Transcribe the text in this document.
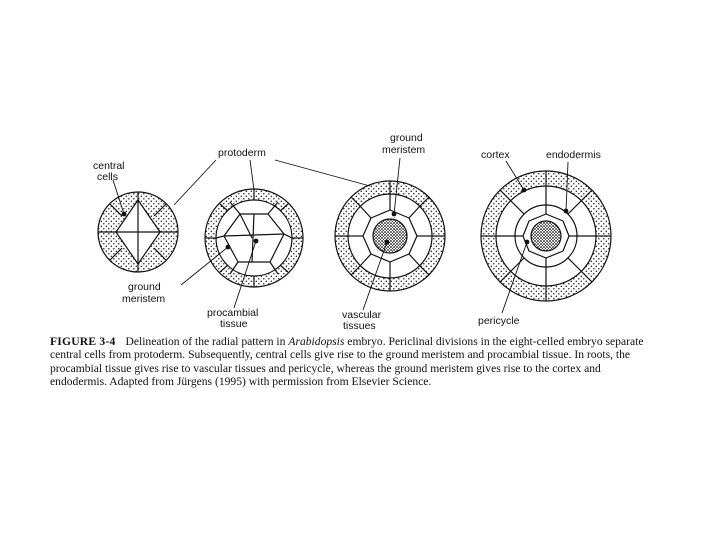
central cells
protoderm
ground meristem	cortex	endodermis
ground meristem
procambial tissue
vascular tissues	pericycle
FIGURE 3-4 Delineation of the radial pattern in Arabidopsis embryo. Periclinal divisions in the eight-celled embryo separate central cells from protoderm. Subsequently, central cells give rise to the ground meristem and procambial tissue. In roots, the procambial tissue gives rise to vascular tissues and pericycle, whereas the ground meristem gives rise to the cortex and endodermis. Adapted from Jürgens (1995) with permission from Elsevier Science.
